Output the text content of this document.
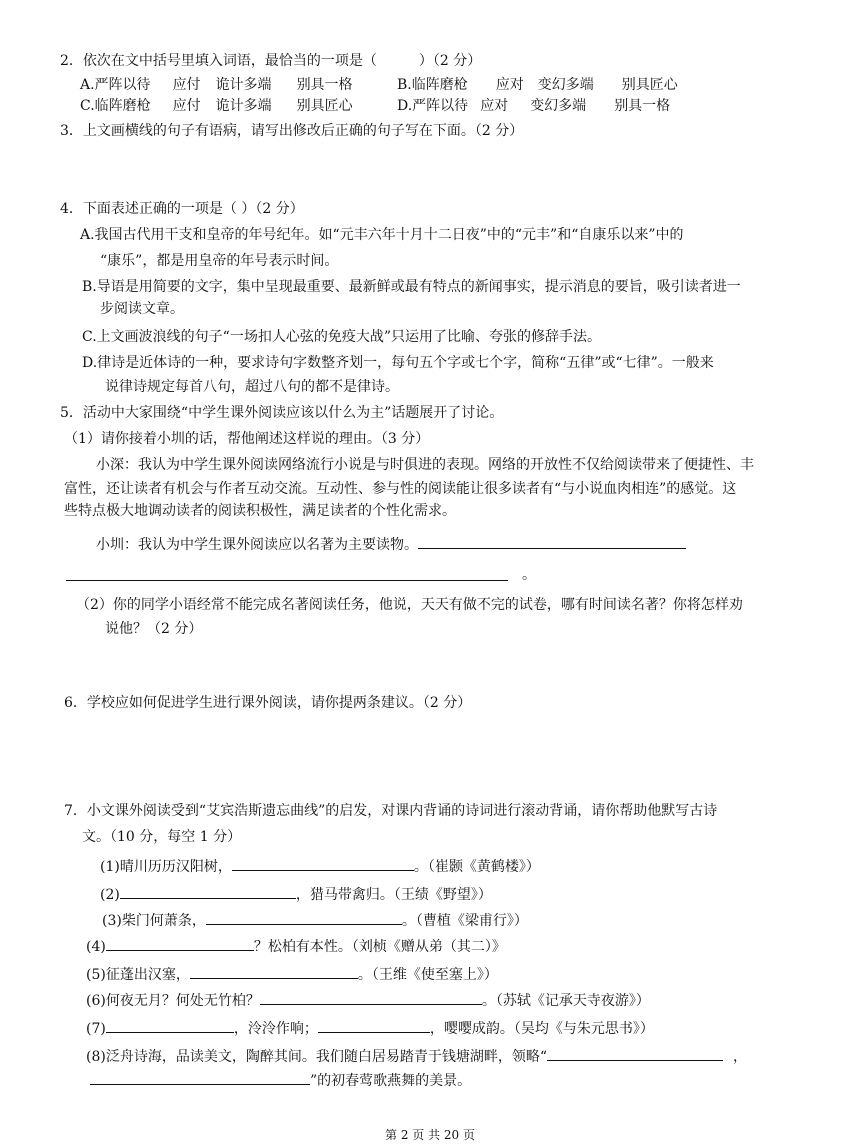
2．依次在文中括号里填入词语，最恰当的一项是（　　　）（2 分）
A.严阵以待 应付 诡计多端 别具一格	B.临阵磨枪 应对 变幻多端 别具匠心
C.临阵磨枪 应付 诡计多端 别具匠心	D.严阵以待 应对 变幻多端 别具一格
3．上文画横线的句子有语病，请写出修改后正确的句子写在下面。（2 分）
4．下面表述正确的一项是（ ）（2 分）
A.我国古代用干支和皇帝的年号纪年。如“元丰六年十月十二日夜”中的“元丰”和“自康乐以来”中的
“康乐”，都是用皇帝的年号表示时间。
B.导语是用简要的文字，集中呈现最重要、最新鲜或最有特点的新闻事实，提示消息的要旨，吸引读者进一
步阅读文章。
C.上文画波浪线的句子“一场扣人心弦的免疫大战”只运用了比喻、夸张的修辞手法。
D.律诗是近体诗的一种，要求诗句字数整齐划一，每句五个字或七个字，简称“五律”或“七律”。一般来
说律诗规定每首八句，超过八句的都不是律诗。
5．活动中大家围绕“中学生课外阅读应该以什么为主”话题展开了讨论。
（1）请你接着小圳的话，帮他阐述这样说的理由。（3 分）
小深：我认为中学生课外阅读网络流行小说是与时俱进的表现。网络的开放性不仅给阅读带来了便捷性、丰
富性，还让读者有机会与作者互动交流。互动性、参与性的阅读能让很多读者有“与小说血肉相连”的感觉。这
些特点极大地调动读者的阅读积极性，满足读者的个性化需求。
小圳：我认为中学生课外阅读应以名著为主要读物。
。
（2）你的同学小语经常不能完成名著阅读任务，他说，天天有做不完的试卷，哪有时间读名著？你将怎样劝
说他？（2 分）
6．学校应如何促进学生进行课外阅读，请你提两条建议。（2 分）
7．小文课外阅读受到“艾宾浩斯遗忘曲线”的启发，对课内背诵的诗词进行滚动背诵，请你帮助他默写古诗
文。（10 分，每空 1 分）
(1)晴川历历汉阳树，	。（崔颢《黄鹤楼》）
(2)	，猎马带禽归。（王绩《野望》）
(3)柴门何萧条，	。（曹植《梁甫行》）
(4)	？松柏有本性。（刘桢《赠从弟（其二）》
(5)征蓬出汉塞，	。（王维《使至塞上》）
(6)何夜无月？何处无竹柏？	。（苏轼《记承天寺夜游》）
(7)	，泠泠作响；	，嘤嘤成韵。（吴均《与朱元思书》）
(8)泛舟诗海，品读美文，陶醉其间。我们随白居易踏青于钱塘湖畔，领略“	，
”的初春莺歌燕舞的美景。
第 2 页 共 20 页
